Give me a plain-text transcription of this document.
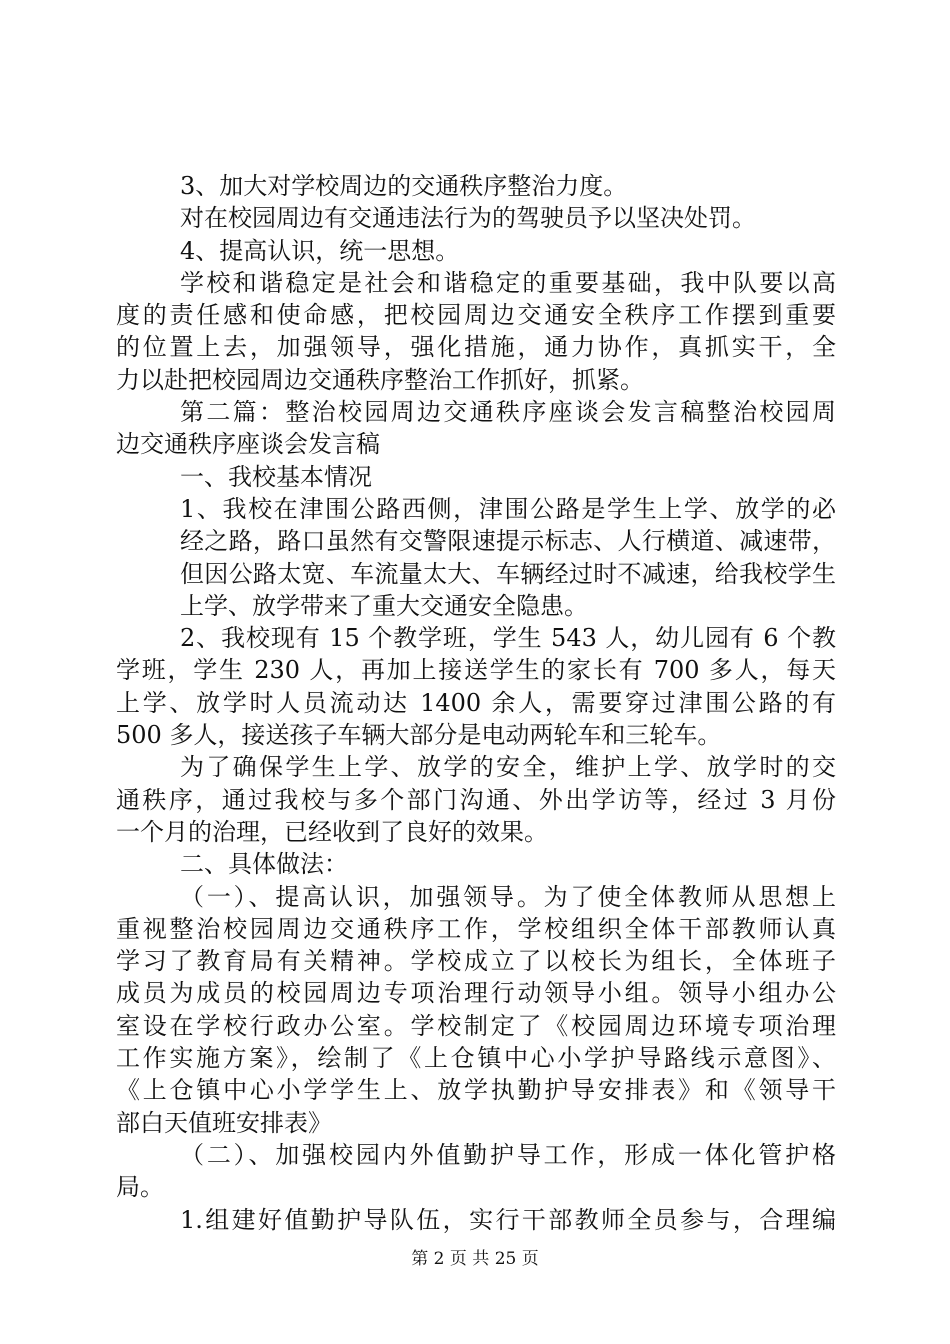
3、加大对学校周边的交通秩序整治力度。
对在校园周边有交通违法行为的驾驶员予以坚决处罚。
4、提高认识，统一思想。
学校和谐稳定是社会和谐稳定的重要基础，我中队要以高
度的责任感和使命感，把校园周边交通安全秩序工作摆到重要
的位置上去，加强领导，强化措施，通力协作，真抓实干，全
力以赴把校园周边交通秩序整治工作抓好，抓紧。
第二篇：整治校园周边交通秩序座谈会发言稿整治校园周
边交通秩序座谈会发言稿
一、我校基本情况
1、我校在津围公路西侧，津围公路是学生上学、放学的必
经之路，路口虽然有交警限速提示标志、人行横道、减速带，
但因公路太宽、车流量太大、车辆经过时不减速，给我校学生
上学、放学带来了重大交通安全隐患。
2、我校现有 15 个教学班，学生 543 人，幼儿园有 6 个教
学班，学生 230 人，再加上接送学生的家长有 700 多人，每天
上学、放学时人员流动达 1400 余人，需要穿过津围公路的有
500 多人，接送孩子车辆大部分是电动两轮车和三轮车。
为了确保学生上学、放学的安全，维护上学、放学时的交
通秩序，通过我校与多个部门沟通、外出学访等，经过 3 月份
一个月的治理，已经收到了良好的效果。
二、具体做法：
（一）、提高认识，加强领导。为了使全体教师从思想上
重视整治校园周边交通秩序工作，学校组织全体干部教师认真
学习了教育局有关精神。学校成立了以校长为组长，全体班子
成员为成员的校园周边专项治理行动领导小组。领导小组办公
室设在学校行政办公室。学校制定了《校园周边环境专项治理
工作实施方案》，绘制了《上仓镇中心小学护导路线示意图》、
《上仓镇中心小学学生上、放学执勤护导安排表》和《领导干
部白天值班安排表》
（二）、加强校园内外值勤护导工作，形成一体化管护格
局。
1.组建好值勤护导队伍，实行干部教师全员参与，合理编
第 2 页 共 25 页
